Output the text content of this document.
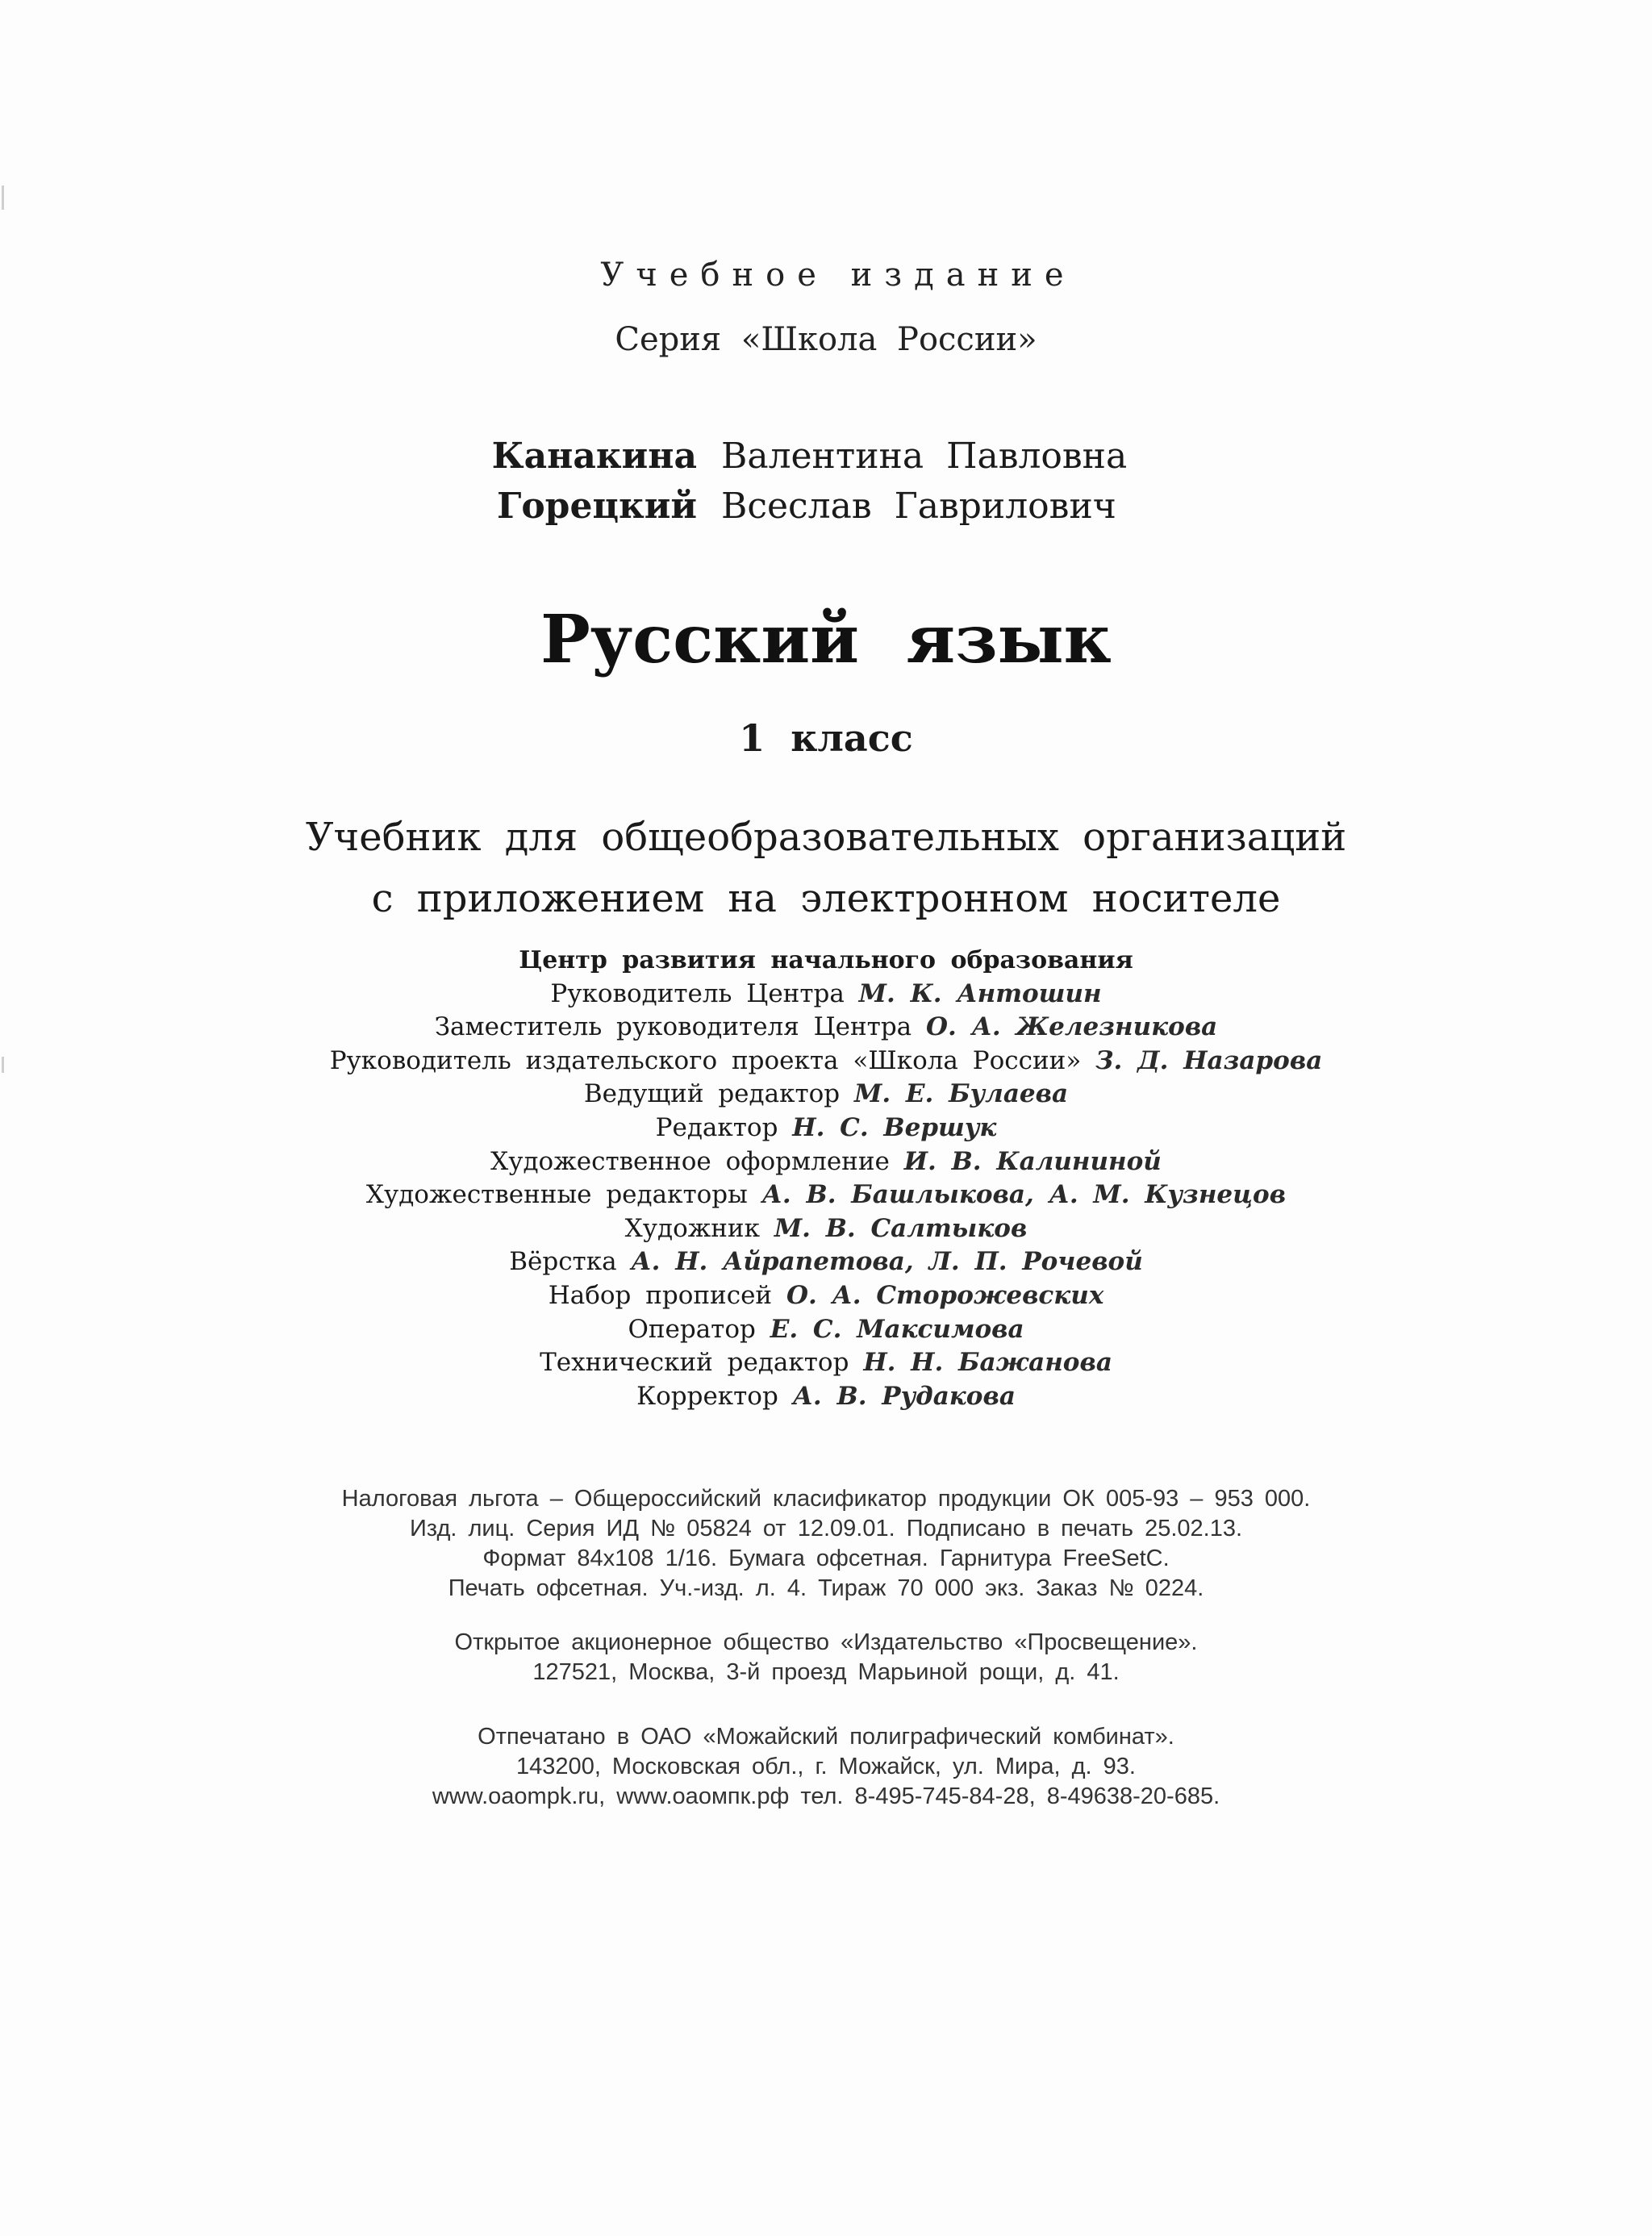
Учебное издание
Серия «Школа России»
Канакина Валентина Павловна
Горецкий Всеслав Гаврилович
Русский язык
1 класс
Учебник для общеобразовательных организаций
с приложением на электронном носителе
Центр развития начального образования
Руководитель Центра М. К. Антошин
Заместитель руководителя Центра О. А. Железникова
Руководитель издательского проекта «Школа России» З. Д. Назарова
Ведущий редактор М. Е. Булаева
Редактор Н. С. Вершук
Художественное оформление И. В. Калининой
Художественные редакторы А. В. Башлыкова, А. М. Кузнецов
Художник М. В. Салтыков
Вёрстка А. Н. Айрапетова, Л. П. Рочевой
Набор прописей О. А. Сторожевских
Оператор Е. С. Максимова
Технический редактор Н. Н. Бажанова
Корректор А. В. Рудакова
Налоговая льгота – Общероссийский класификатор продукции ОК 005-93 – 953 000.
Изд. лиц. Серия ИД № 05824 от 12.09.01. Подписано в печать 25.02.13.
Формат 84х108 1/16. Бумага офсетная. Гарнитура FreeSetC.
Печать офсетная. Уч.-изд. л. 4. Тираж 70 000 экз. Заказ № 0224.
Открытое акционерное общество «Издательство «Просвещение».
127521, Москва, 3-й проезд Марьиной рощи, д. 41.
Отпечатано в ОАО «Можайский полиграфический комбинат».
143200, Московская обл., г. Можайск, ул. Мира, д. 93.
www.oaompk.ru, www.оаомпк.рф тел. 8-495-745-84-28, 8-49638-20-685.
